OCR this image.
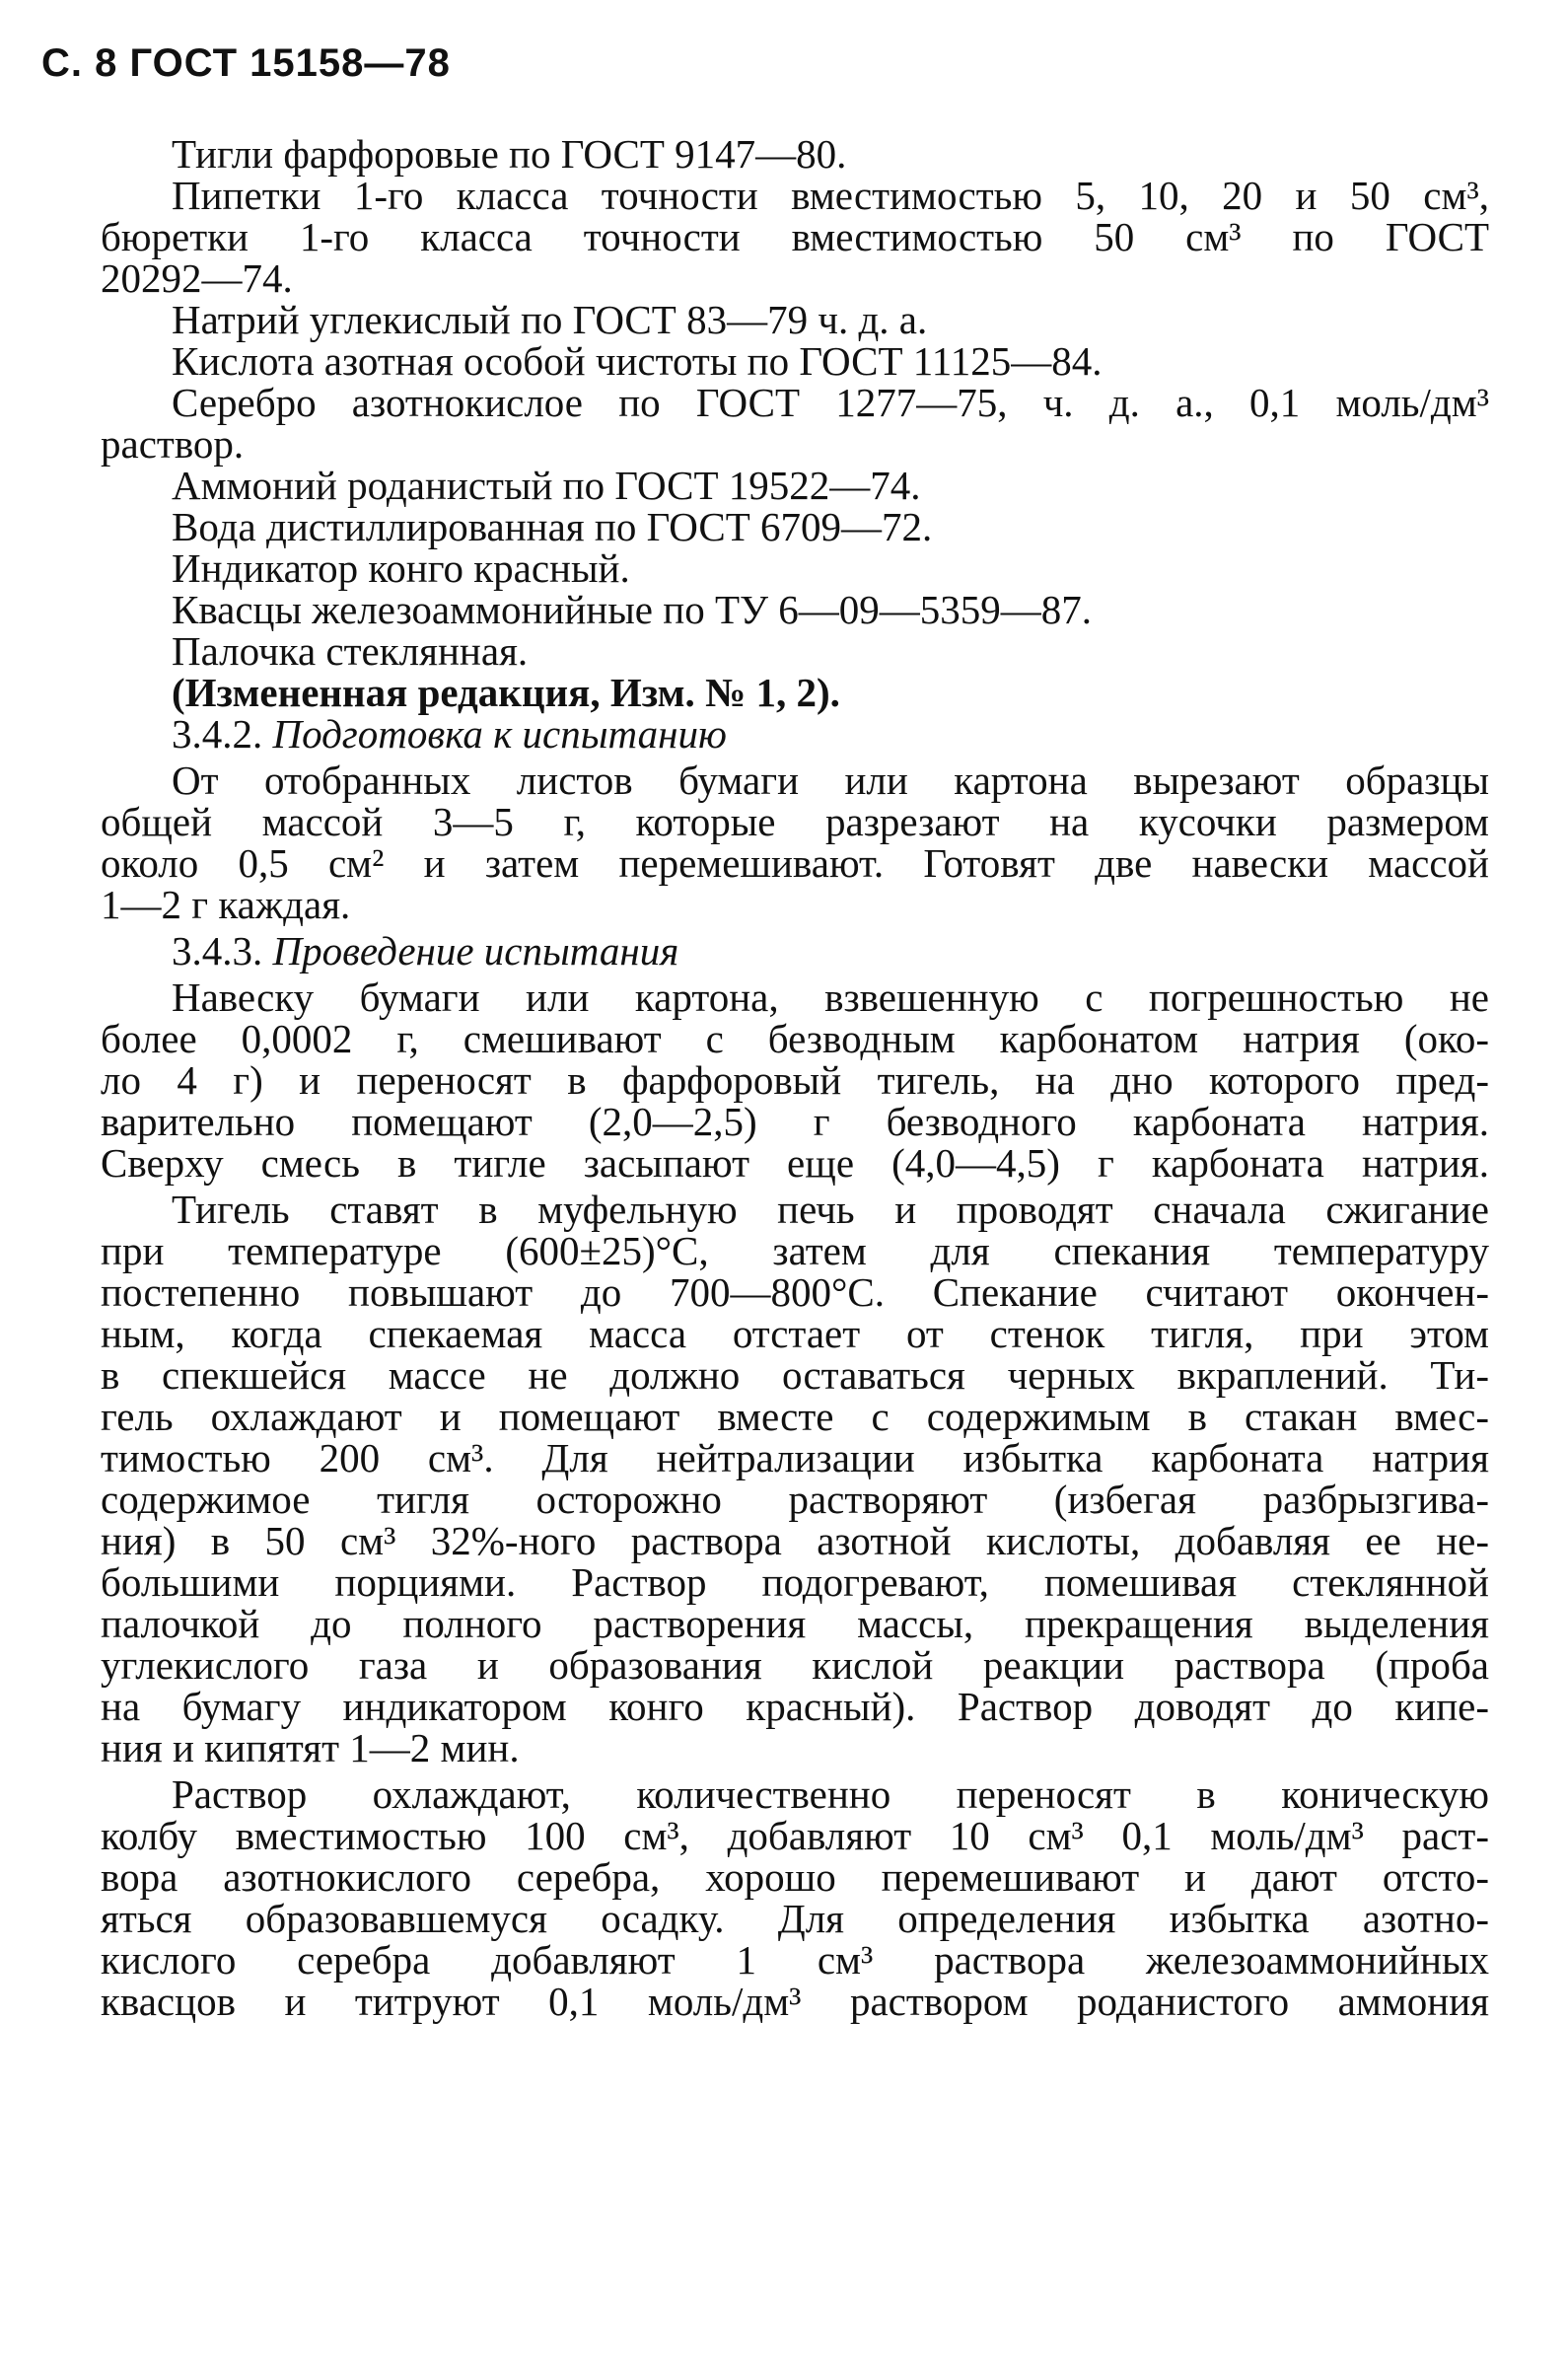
С. 8 ГОСТ 15158—78
Тигли фарфоровые по ГОСТ 9147—80.
Пипетки 1-го класса точности вместимостью 5, 10, 20 и 50 см³,
бюретки 1-го класса точности вместимостью 50 см³ по ГОСТ
20292—74.
Натрий углекислый по ГОСТ 83—79 ч. д. а.
Кислота азотная особой чистоты по ГОСТ 11125—84.
Серебро азотнокислое по ГОСТ 1277—75, ч. д. а., 0,1 моль/дм³
раствор.
Аммоний роданистый по ГОСТ 19522—74.
Вода дистиллированная по ГОСТ 6709—72.
Индикатор конго красный.
Квасцы железоаммонийные по ТУ 6—09—5359—87.
Палочка стеклянная.
(Измененная редакция, Изм. № 1, 2).
3.4.2. Подготовка к испытанию
От отобранных листов бумаги или картона вырезают образцы
общей массой 3—5 г, которые разрезают на кусочки размером
около 0,5 см² и затем перемешивают. Готовят две навески массой
1—2 г каждая.
3.4.3. Проведение испытания
Навеску бумаги или картона, взвешенную с погрешностью не
более 0,0002 г, смешивают с безводным карбонатом натрия (око-
ло 4 г) и переносят в фарфоровый тигель, на дно которого пред-
варительно помещают (2,0—2,5) г безводного карбоната натрия.
Сверху смесь в тигле засыпают еще (4,0—4,5) г карбоната натрия.
Тигель ставят в муфельную печь и проводят сначала сжигание
при температуре (600±25)°С, затем для спекания температуру
постепенно повышают до 700—800°С. Спекание считают окончен-
ным, когда спекаемая масса отстает от стенок тигля, при этом
в спекшейся массе не должно оставаться черных вкраплений. Ти-
гель охлаждают и помещают вместе с содержимым в стакан вмес-
тимостью 200 см³. Для нейтрализации избытка карбоната натрия
содержимое тигля осторожно растворяют (избегая разбрызгива-
ния) в 50 см³ 32%-ного раствора азотной кислоты, добавляя ее не-
большими порциями. Раствор подогревают, помешивая стеклянной
палочкой до полного растворения массы, прекращения выделения
углекислого газа и образования кислой реакции раствора (проба
на бумагу индикатором конго красный). Раствор доводят до кипе-
ния и кипятят 1—2 мин.
Раствор охлаждают, количественно переносят в коническую
колбу вместимостью 100 см³, добавляют 10 см³ 0,1 моль/дм³ раст-
вора азотнокислого серебра, хорошо перемешивают и дают отсто-
яться образовавшемуся осадку. Для определения избытка азотно-
кислого серебра добавляют 1 см³ раствора железоаммонийных
квасцов и титруют 0,1 моль/дм³ раствором роданистого аммония
